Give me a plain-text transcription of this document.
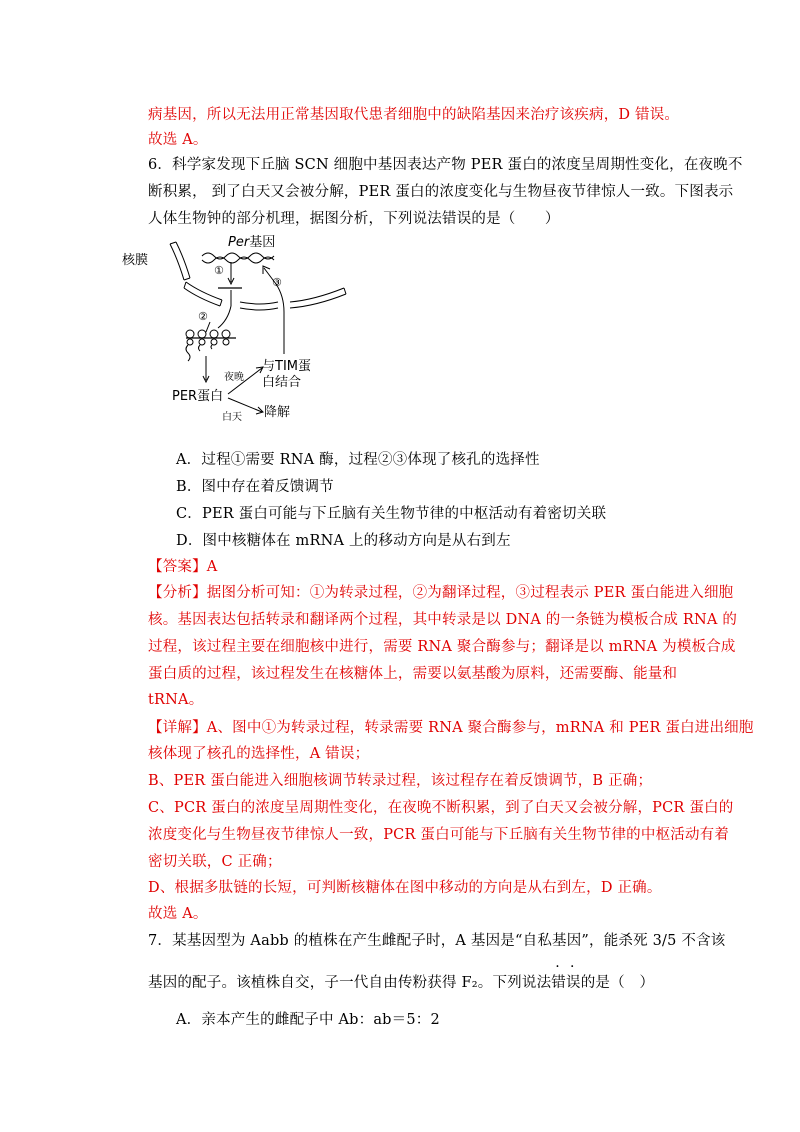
病基因，所以无法用正常基因取代患者细胞中的缺陷基因来治疗该疾病，D 错误。
故选 A。
6．科学家发现下丘脑 SCN 细胞中基因表达产物 PER 蛋白的浓度呈周期性变化，在夜晚不
断积累， 到了白天又会被分解，PER 蛋白的浓度变化与生物昼夜节律惊人一致。下图表示
人体生物钟的部分机理，据图分析，下列说法错误的是（　　）
Per基因
核膜
①
②
PER蛋白
夜晚
白天
与TIM蛋
白结合
降解
③
A．过程①需要 RNA 酶，过程②③体现了核孔的选择性
B．图中存在着反馈调节
C．PER 蛋白可能与下丘脑有关生物节律的中枢活动有着密切关联
D．图中核糖体在 mRNA 上的移动方向是从右到左
【答案】A
【分析】据图分析可知：①为转录过程，②为翻译过程，③过程表示 PER 蛋白能进入细胞
核。基因表达包括转录和翻译两个过程，其中转录是以 DNA 的一条链为模板合成 RNA 的
过程，该过程主要在细胞核中进行，需要 RNA 聚合酶参与；翻译是以 mRNA 为模板合成
蛋白质的过程，该过程发生在核糖体上，需要以氨基酸为原料，还需要酶、能量和
tRNA。
【详解】A、图中①为转录过程，转录需要 RNA 聚合酶参与，mRNA 和 PER 蛋白进出细胞
核体现了核孔的选择性，A 错误；
B、PER 蛋白能进入细胞核调节转录过程，该过程存在着反馈调节，B 正确；
C、PCR 蛋白的浓度呈周期性变化，在夜晚不断积累，到了白天又会被分解，PCR 蛋白的
浓度变化与生物昼夜节律惊人一致，PCR 蛋白可能与下丘脑有关生物节律的中枢活动有着
密切关联，C 正确；
D、根据多肽链的长短，可判断核糖体在图中移动的方向是从右到左，D 正确。
故选 A。
7．某基因型为 Aabb 的植株在产生雌配子时，A 基因是“自私基因”，能杀死 3/5 不含该
基因的配子。该植株自交，子一代自由传粉获得 F₂。下列说法错误的是（　）
A．亲本产生的雌配子中 Ab：ab＝5：2
